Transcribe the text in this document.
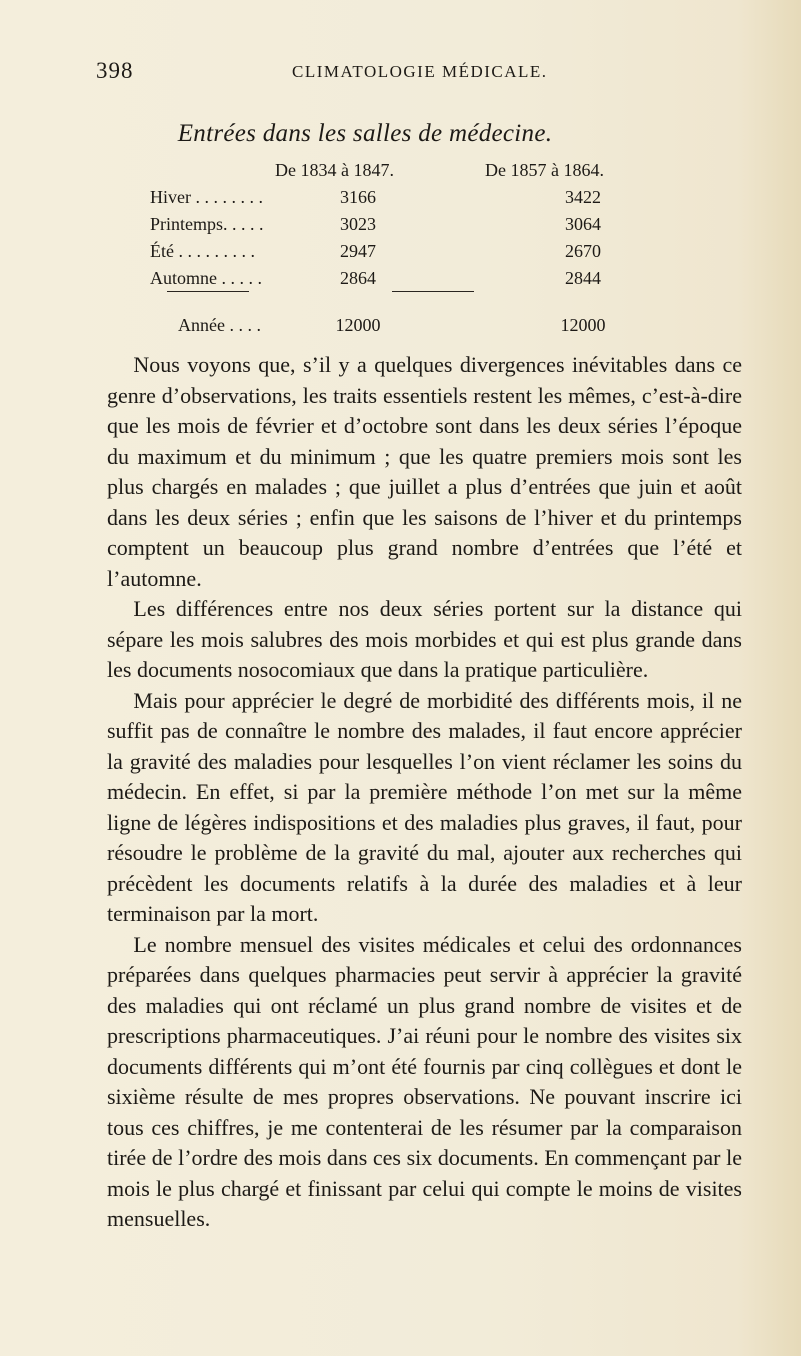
398	CLIMATOLOGIE MÉDICALE.
Entrées dans les salles de médecine.
De 1834 à 1847.	De 1857 à 1864.
Hiver . . . . . . . .	3166	3422
Printemps. . . . .	3023	3064
Été . . . . . . . . .	2947	2670
Automne . . . . .	2864	2844
Année . . . .	12000	12000

Nous voyons que, s’il y a quelques divergences inévitables dans ce genre d’observations, les traits essentiels restent les mêmes, c’est-à-dire que les mois de février et d’octobre sont dans les deux séries l’époque du maximum et du minimum ; que les quatre premiers mois sont les plus chargés en malades ; que juillet a plus d’entrées que juin et août dans les deux séries ; enfin que les saisons de l’hiver et du printemps comptent un beaucoup plus grand nombre d’entrées que l’été et l’automne.

Les différences entre nos deux séries portent sur la distance qui sépare les mois salubres des mois morbides et qui est plus grande dans les documents nosocomiaux que dans la pratique particulière.

Mais pour apprécier le degré de morbidité des différents mois, il ne suffit pas de connaître le nombre des malades, il faut encore apprécier la gravité des maladies pour lesquelles l’on vient réclamer les soins du médecin. En effet, si par la première méthode l’on met sur la même ligne de légères indispositions et des maladies plus graves, il faut, pour résoudre le problème de la gravité du mal, ajouter aux recherches qui précèdent les documents relatifs à la durée des maladies et à leur terminaison par la mort.

Le nombre mensuel des visites médicales et celui des ordonnances préparées dans quelques pharmacies peut servir à apprécier la gravité des maladies qui ont réclamé un plus grand nombre de visites et de prescriptions pharmaceutiques. J’ai réuni pour le nombre des visites six documents différents qui m’ont été fournis par cinq collègues et dont le sixième résulte de mes propres observations. Ne pouvant inscrire ici tous ces chiffres, je me contenterai de les résumer par la comparaison tirée de l’ordre des mois dans ces six documents. En commençant par le mois le plus chargé et finissant par celui qui compte le moins de visites mensuelles.
